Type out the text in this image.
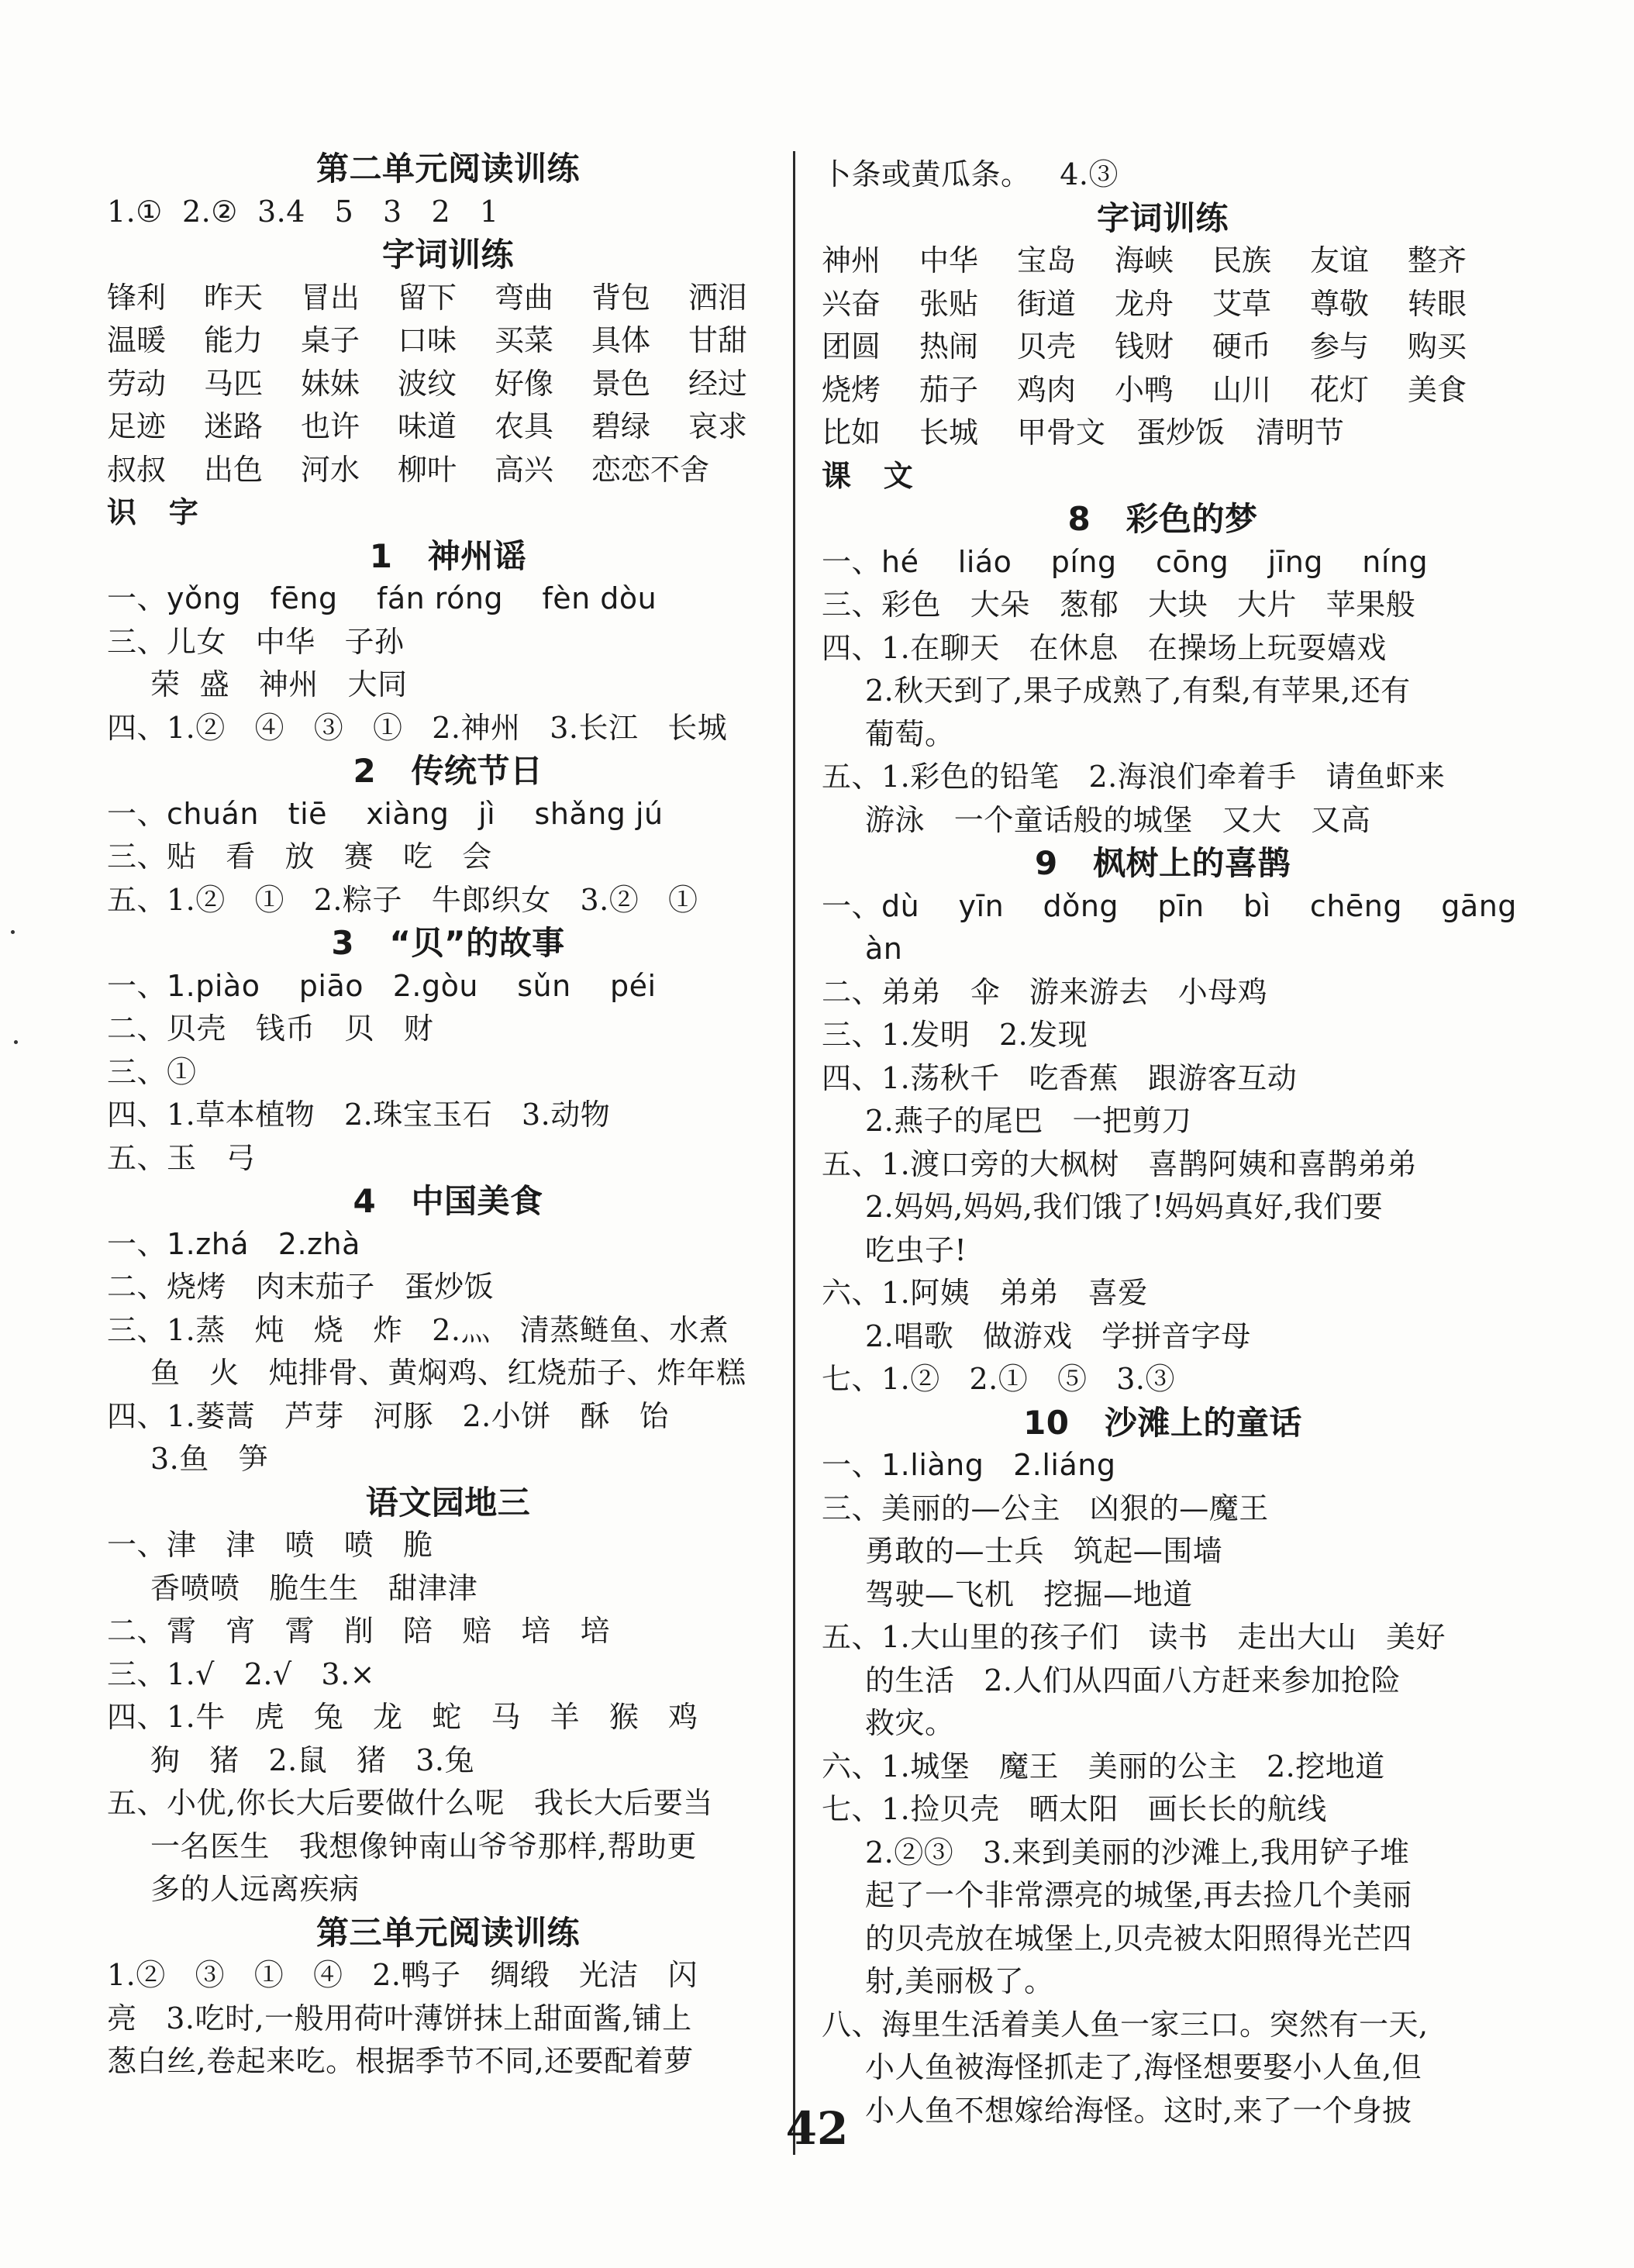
第二单元阅读训练
1.①  2.②  3.4   5   3   2   1
字词训练
锋利 昨天 冒出 留下 弯曲 背包 洒泪
温暖 能力 桌子 口味 买菜 具体 甘甜
劳动 马匹 妹妹 波纹 好像 景色 经过
足迹 迷路 也许 味道 农具 碧绿 哀求
叔叔 出色 河水 柳叶 高兴 恋恋不舍
识   字
1   神州谣
一、yǒng   fēng    fán róng    fèn dòu
三、儿女   中华   子孙
荣  盛   神州   大同
四、1.②   ④   ③   ①   2.神州   3.长江   长城
2   传统节日
一、chuán   tiē    xiàng   jì    shǎng jú
三、贴   看   放   赛   吃   会
五、1.②   ①   2.粽子   牛郎织女   3.②   ①
3   “贝”的故事
一、1.piào    piāo   2.gòu    sǔn    péi
二、贝壳   钱币   贝   财
三、①
四、1.草本植物   2.珠宝玉石   3.动物
五、玉   弓
4   中国美食
一、1.zhá   2.zhà
二、烧烤   肉末茄子   蛋炒饭
三、1.蒸   炖   烧   炸   2.灬   清蒸鲢鱼、水煮
鱼   火   炖排骨、黄焖鸡、红烧茄子、炸年糕
四、1.蒌蒿   芦芽   河豚   2.小饼   酥   饴
3.鱼   笋
语文园地三
一、津   津   喷   喷   脆
香喷喷   脆生生   甜津津
二、霄   宵   霄   削   陪   赔   培   培
三、1.√   2.√   3.×
四、1.牛   虎   兔   龙   蛇   马   羊   猴   鸡
狗   猪   2.鼠   猪   3.兔
五、小优,你长大后要做什么呢   我长大后要当
一名医生   我想像钟南山爷爷那样,帮助更
多的人远离疾病
第三单元阅读训练
1.②   ③   ①   ④   2.鸭子   绸缎   光洁   闪
亮   3.吃时,一般用荷叶薄饼抹上甜面酱,铺上
葱白丝,卷起来吃。根据季节不同,还要配着萝
卜条或黄瓜条。   4.③
字词训练
神州 中华 宝岛 海峡 民族 友谊 整齐
兴奋 张贴 街道 龙舟 艾草 尊敬 转眼
团圆 热闹 贝壳 钱财 硬币 参与 购买
烧烤 茄子 鸡肉 小鸭 山川 花灯 美食
比如 长城 甲骨文 蛋炒饭 清明节
课   文
8   彩色的梦
一、hé    liáo    píng    cōng    jīng    níng
三、彩色   大朵   葱郁   大块   大片   苹果般
四、1.在聊天   在休息   在操场上玩耍嬉戏
2.秋天到了,果子成熟了,有梨,有苹果,还有
葡萄。
五、1.彩色的铅笔   2.海浪们牵着手   请鱼虾来
游泳   一个童话般的城堡   又大   又高
9   枫树上的喜鹊
一、dù    yīn    dǒng    pīn    bì    chēng    gāng
àn
二、弟弟   伞   游来游去   小母鸡
三、1.发明   2.发现
四、1.荡秋千   吃香蕉   跟游客互动
2.燕子的尾巴   一把剪刀
五、1.渡口旁的大枫树   喜鹊阿姨和喜鹊弟弟
2.妈妈,妈妈,我们饿了!妈妈真好,我们要
吃虫子!
六、1.阿姨   弟弟   喜爱
2.唱歌   做游戏   学拼音字母
七、1.②   2.①   ⑤   3.③
10   沙滩上的童话
一、1.liàng   2.liáng
三、美丽的—公主   凶狠的—魔王
勇敢的—士兵   筑起—围墙
驾驶—飞机   挖掘—地道
五、1.大山里的孩子们   读书   走出大山   美好
的生活   2.人们从四面八方赶来参加抢险
救灾。
六、1.城堡   魔王   美丽的公主   2.挖地道
七、1.捡贝壳   晒太阳   画长长的航线
2.②③   3.来到美丽的沙滩上,我用铲子堆
起了一个非常漂亮的城堡,再去捡几个美丽
的贝壳放在城堡上,贝壳被太阳照得光芒四
射,美丽极了。
八、海里生活着美人鱼一家三口。突然有一天,
小人鱼被海怪抓走了,海怪想要娶小人鱼,但
小人鱼不想嫁给海怪。这时,来了一个身披
42
